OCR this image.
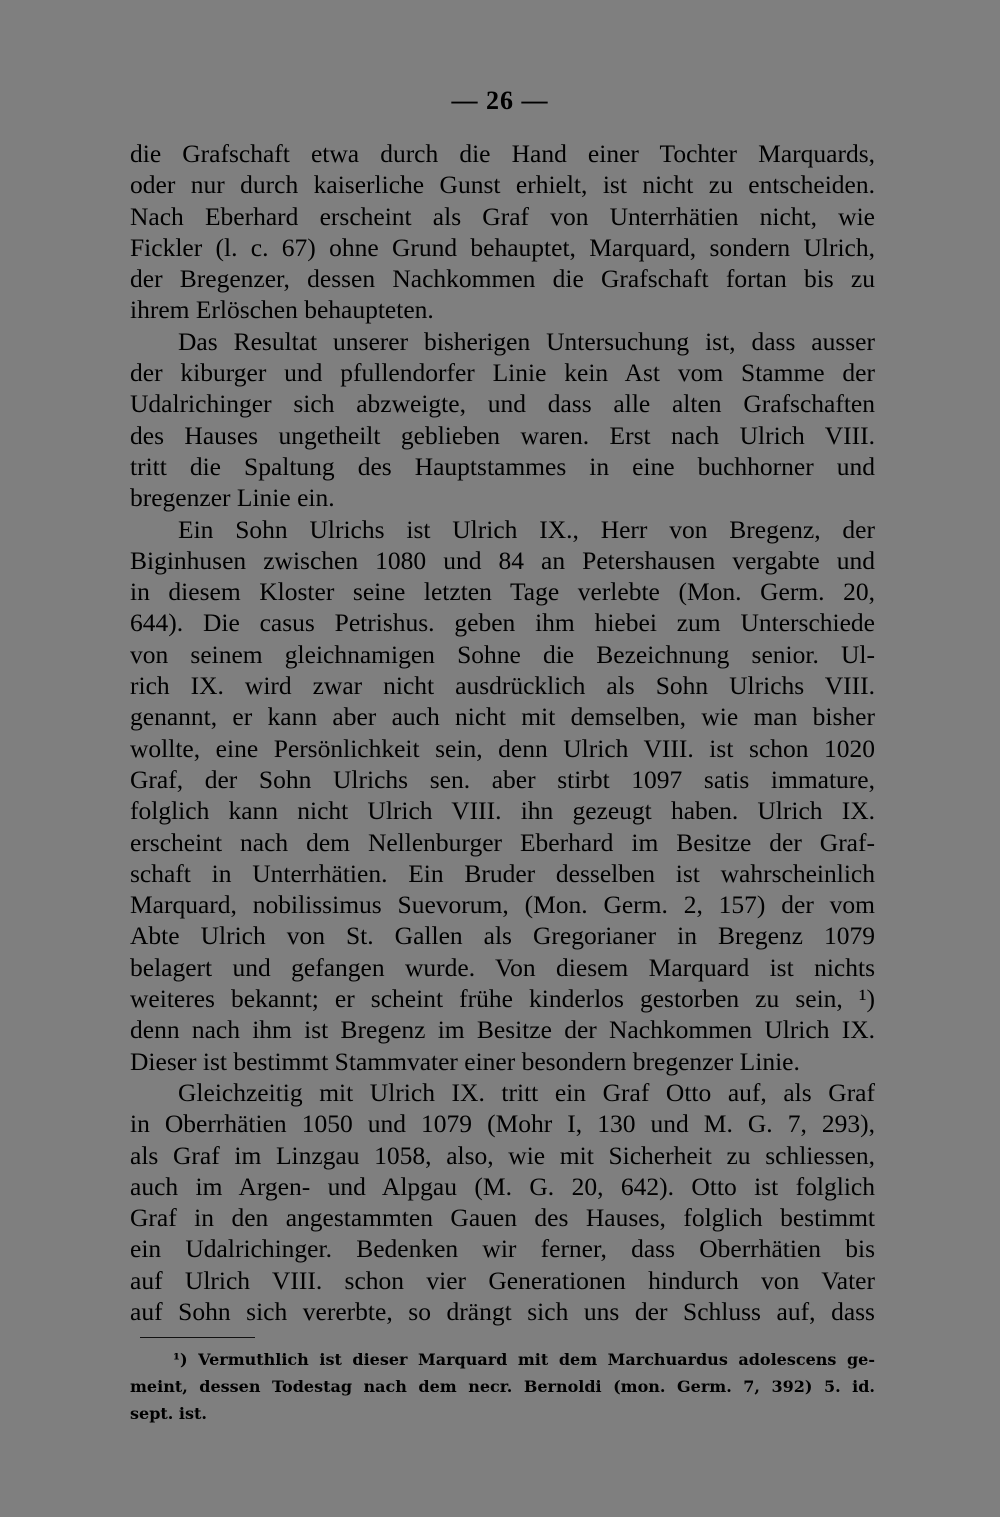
— 26 —
die Grafschaft etwa durch die Hand einer Tochter Marquards,
oder nur durch kaiserliche Gunst erhielt, ist nicht zu entscheiden.
Nach Eberhard erscheint als Graf von Unterrhätien nicht, wie
Fickler (l. c. 67) ohne Grund behauptet, Marquard, sondern Ulrich,
der Bregenzer, dessen Nachkommen die Grafschaft fortan bis zu
ihrem Erlöschen behaupteten.
Das Resultat unserer bisherigen Untersuchung ist, dass ausser
der kiburger und pfullendorfer Linie kein Ast vom Stamme der
Udalrichinger sich abzweigte, und dass alle alten Grafschaften
des Hauses ungetheilt geblieben waren. Erst nach Ulrich VIII.
tritt die Spaltung des Hauptstammes in eine buchhorner und
bregenzer Linie ein.
Ein Sohn Ulrichs ist Ulrich IX., Herr von Bregenz, der
Biginhusen zwischen 1080 und 84 an Petershausen vergabte und
in diesem Kloster seine letzten Tage verlebte (Mon. Germ. 20,
644). Die casus Petrishus. geben ihm hiebei zum Unterschiede
von seinem gleichnamigen Sohne die Bezeichnung senior. Ul-
rich IX. wird zwar nicht ausdrücklich als Sohn Ulrichs VIII.
genannt, er kann aber auch nicht mit demselben, wie man bisher
wollte, eine Persönlichkeit sein, denn Ulrich VIII. ist schon 1020
Graf, der Sohn Ulrichs sen. aber stirbt 1097 satis immature,
folglich kann nicht Ulrich VIII. ihn gezeugt haben. Ulrich IX.
erscheint nach dem Nellenburger Eberhard im Besitze der Graf-
schaft in Unterrhätien. Ein Bruder desselben ist wahrscheinlich
Marquard, nobilissimus Suevorum, (Mon. Germ. 2, 157) der vom
Abte Ulrich von St. Gallen als Gregorianer in Bregenz 1079
belagert und gefangen wurde. Von diesem Marquard ist nichts
weiteres bekannt; er scheint frühe kinderlos gestorben zu sein, ¹)
denn nach ihm ist Bregenz im Besitze der Nachkommen Ulrich IX.
Dieser ist bestimmt Stammvater einer besondern bregenzer Linie.
Gleichzeitig mit Ulrich IX. tritt ein Graf Otto auf, als Graf
in Oberrhätien 1050 und 1079 (Mohr I, 130 und M. G. 7, 293),
als Graf im Linzgau 1058, also, wie mit Sicherheit zu schliessen,
auch im Argen- und Alpgau (M. G. 20, 642). Otto ist folglich
Graf in den angestammten Gauen des Hauses, folglich bestimmt
ein Udalrichinger. Bedenken wir ferner, dass Oberrhätien bis
auf Ulrich VIII. schon vier Generationen hindurch von Vater
auf Sohn sich vererbte, so drängt sich uns der Schluss auf, dass
¹) Vermuthlich ist dieser Marquard mit dem Marchuardus adolescens ge-
meint, dessen Todestag nach dem necr. Bernoldi (mon. Germ. 7, 392) 5. id.
sept. ist.
